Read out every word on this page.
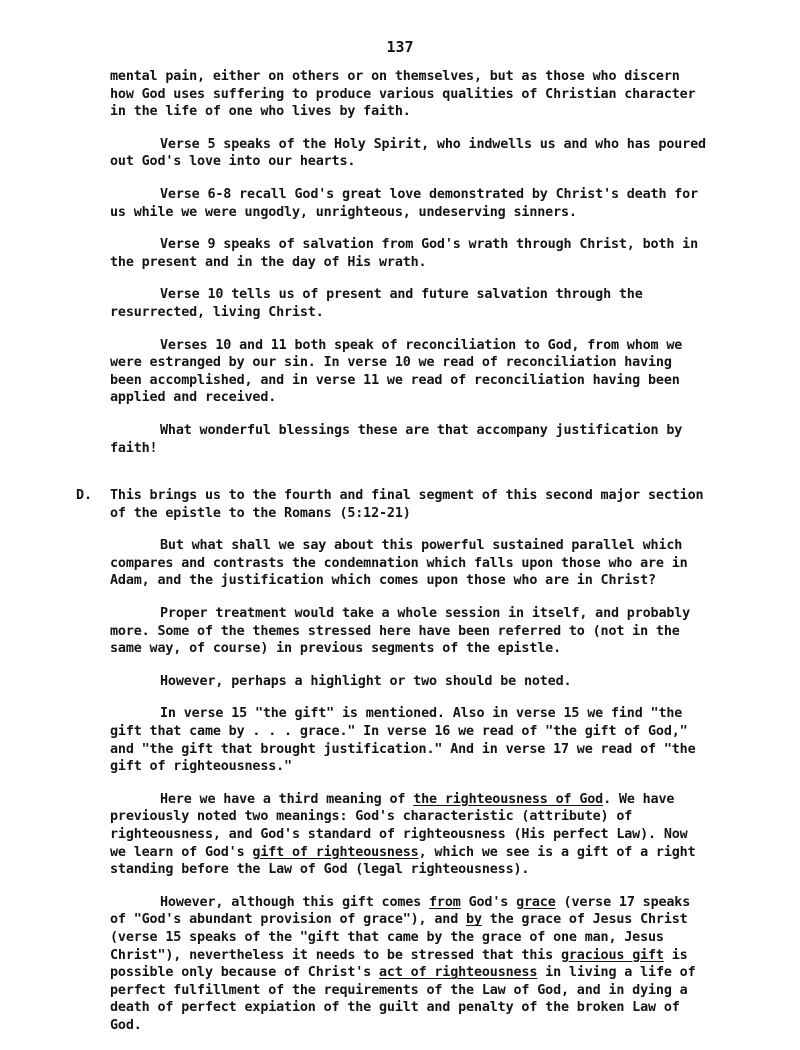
137

mental pain, either on others or on themselves, but as those who discern how God uses suffering to produce various qualities of Christian character in the life of one who lives by faith.

Verse 5 speaks of the Holy Spirit, who indwells us and who has poured out God's love into our hearts.

Verse 6-8 recall God's great love demonstrated by Christ's death for us while we were ungodly, unrighteous, undeserving sinners.

Verse 9 speaks of salvation from God's wrath through Christ, both in the present and in the day of His wrath.

Verse 10 tells us of present and future salvation through the resurrected, living Christ.

Verses 10 and 11 both speak of reconciliation to God, from whom we were estranged by our sin. In verse 10 we read of reconciliation having been accomplished, and in verse 11 we read of reconciliation having been applied and received.

What wonderful blessings these are that accompany justification by faith!

D. This brings us to the fourth and final segment of this second major section of the epistle to the Romans (5:12-21)

But what shall we say about this powerful sustained parallel which compares and contrasts the condemnation which falls upon those who are in Adam, and the justification which comes upon those who are in Christ?

Proper treatment would take a whole session in itself, and probably more. Some of the themes stressed here have been referred to (not in the same way, of course) in previous segments of the epistle.

However, perhaps a highlight or two should be noted.

In verse 15 "the gift" is mentioned. Also in verse 15 we find "the gift that came by . . . grace." In verse 16 we read of "the gift of God," and "the gift that brought justification." And in verse 17 we read of "the gift of righteousness."

Here we have a third meaning of the righteousness of God. We have previously noted two meanings: God's characteristic (attribute) of righteousness, and God's standard of righteousness (His perfect Law). Now we learn of God's gift of righteousness, which we see is a gift of a right standing before the Law of God (legal righteousness).

However, although this gift comes from God's grace (verse 17 speaks of "God's abundant provision of grace"), and by the grace of Jesus Christ (verse 15 speaks of the "gift that came by the grace of one man, Jesus Christ"), nevertheless it needs to be stressed that this gracious gift is possible only because of Christ's act of righteousness in living a life of perfect fulfillment of the requirements of the Law of God, and in dying a death of perfect expiation of the guilt and penalty of the broken Law of God.
